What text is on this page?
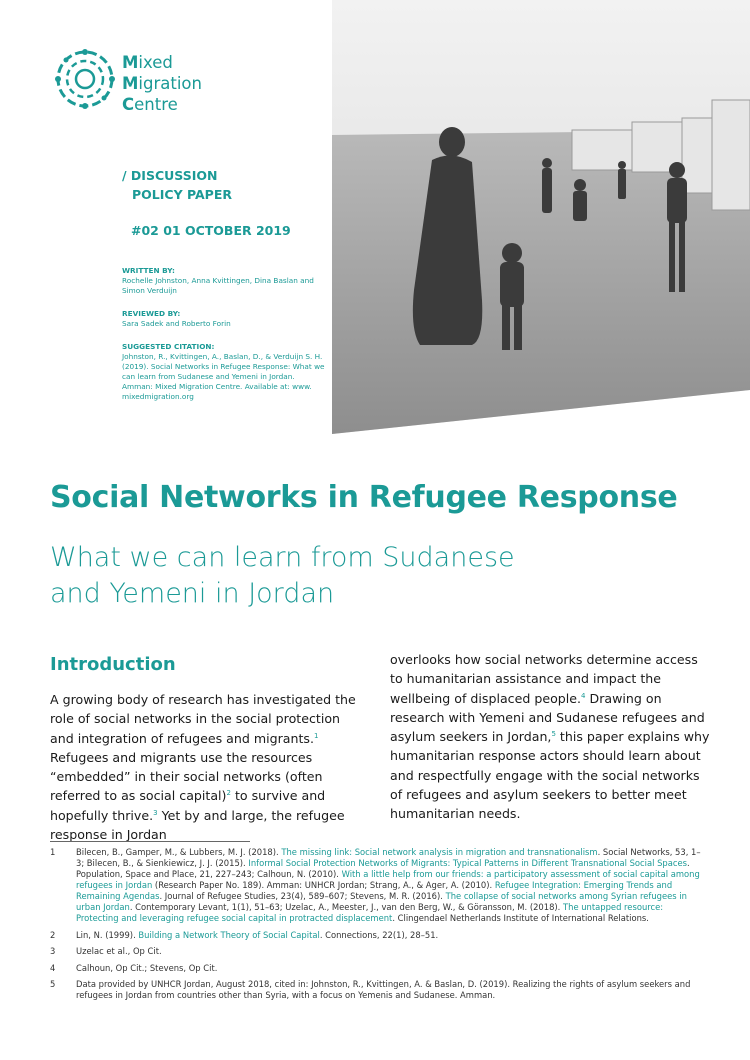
Mixed
Migration
Centre
/ DISCUSSION
POLICY PAPER
#02 01 OCTOBER 2019
WRITTEN BY:
Rochelle Johnston, Anna Kvittingen, Dina Baslan and Simon Verduijn
REVIEWED BY:
Sara Sadek and Roberto Forin
SUGGESTED CITATION:
Johnston, R., Kvittingen, A., Baslan, D., & Verduijn S. H. (2019). Social Networks in Refugee Response: What we can learn from Sudanese and Yemeni in Jordan. Amman: Mixed Migration Centre. Available at: www. mixedmigration.org
Social Networks in Refugee Response
What we can learn from Sudanese
and Yemeni in Jordan
Introduction
A growing body of research has investigated the role of social networks in the social protection and integration of refugees and migrants.$^1$ Refugees and migrants use the resources “embedded” in their social networks (often referred to as social capital)$^2$ to survive and hopefully thrive.$^3$ Yet by and large, the refugee response in Jordan
overlooks how social networks determine access to humanitarian assistance and impact the wellbeing of displaced people.$^4$ Drawing on research with Yemeni and Sudanese refugees and asylum seekers in Jordan,$^5$ this paper explains why humanitarian response actors should learn about and respectfully engage with the social networks of refugees and asylum seekers to better meet humanitarian needs.
1	Bilecen, B., Gamper, M., & Lubbers, M. J. (2018). The missing link: Social network analysis in migration and transnationalism. Social Networks, 53, 1–3; Bilecen, B., & Sienkiewicz, J. J. (2015). Informal Social Protection Networks of Migrants: Typical Patterns in Different Transnational Social Spaces. Population, Space and Place, 21, 227–243; Calhoun, N. (2010). With a little help from our friends: a participatory assessment of social capital among refugees in Jordan (Research Paper No. 189). Amman: UNHCR Jordan; Strang, A., & Ager, A. (2010). Refugee Integration: Emerging Trends and Remaining Agendas. Journal of Refugee Studies, 23(4), 589–607; Stevens, M. R. (2016). The collapse of social networks among Syrian refugees in urban Jordan. Contemporary Levant, 1(1), 51–63; Uzelac, A., Meester, J., van den Berg, W., & Göransson, M. (2018). The untapped resource: Protecting and leveraging refugee social capital in protracted displacement. Clingendael Netherlands Institute of International Relations.
2	Lin, N. (1999). Building a Network Theory of Social Capital. Connections, 22(1), 28–51.
3	Uzelac et al., Op Cit.
4	Calhoun, Op Cit.; Stevens, Op Cit.
5	Data provided by UNHCR Jordan, August 2018, cited in: Johnston, R., Kvittingen, A. & Baslan, D. (2019). Realizing the rights of asylum seekers and refugees in Jordan from countries other than Syria, with a focus on Yemenis and Sudanese. Amman.
